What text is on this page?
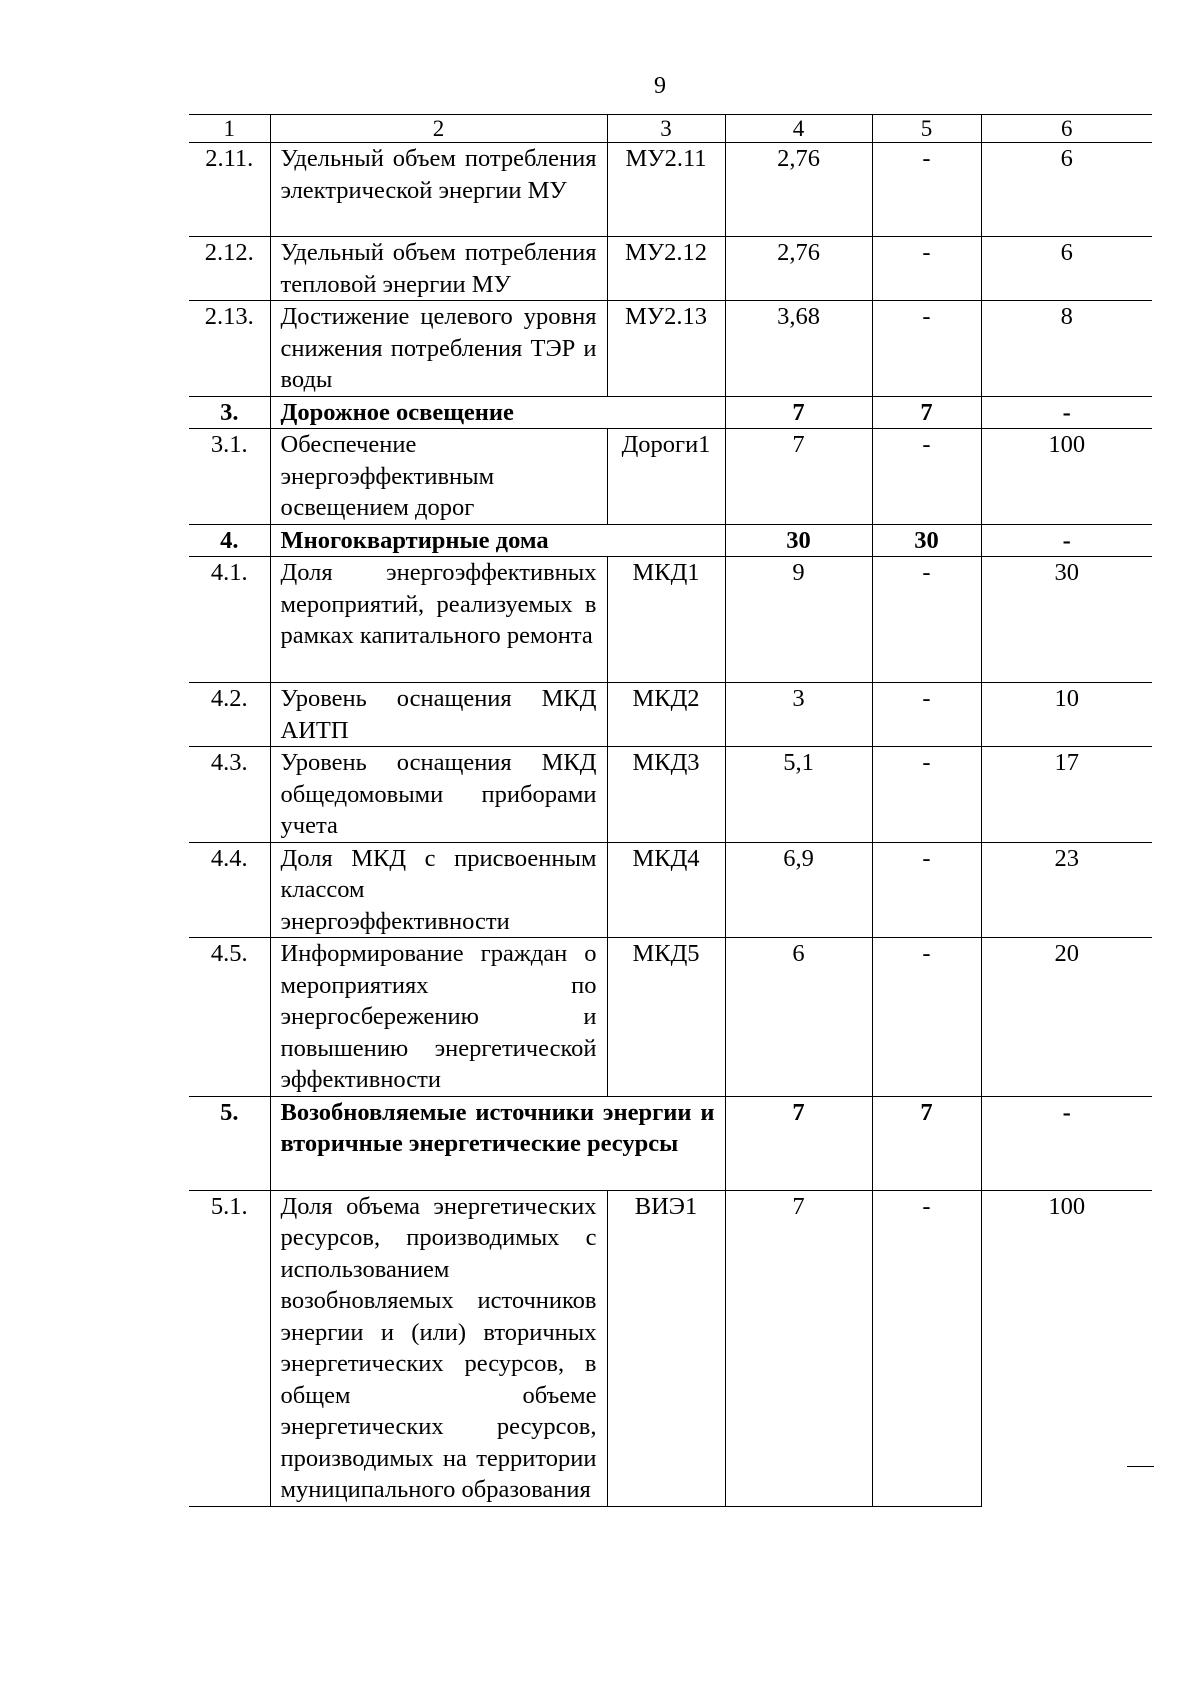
9
1	2	3	4	5	6
2.11.	Удельный объем потребления электрической энергии МУ	МУ2.11	2,76	-	6
2.12.	Удельный объем потребления тепловой энергии МУ	МУ2.12	2,76	-	6
2.13.	Достижение целевого уровня снижения потребления ТЭР и воды	МУ2.13	3,68	-	8
3.	Дорожное освещение		7	7	-
3.1.	Обеспечение энергоэффективным освещением дорог	Дороги1	7	-	100
4.	Многоквартирные дома		30	30	-
4.1.	Доля энергоэффективных мероприятий, реализуемых в рамках капитального ремонта	МКД1	9	-	30
4.2.	Уровень оснащения МКД АИТП	МКД2	3	-	10
4.3.	Уровень оснащения МКД общедомовыми приборами учета	МКД3	5,1	-	17
4.4.	Доля МКД с присвоенным классом энергоэффективности	МКД4	6,9	-	23
4.5.	Информирование граждан о мероприятиях по энергосбережению и повышению энергетической эффективности	МКД5	6	-	20
5.	Возобновляемые источники энергии и вторичные энергетические ресурсы		7	7	-
5.1.	Доля объема энергетических ресурсов, производимых с использованием возобновляемых источников энергии и (или) вторичных энергетических ресурсов, в общем объеме энергетических ресурсов, производимых на территории муниципального образования	ВИЭ1	7	-	100
